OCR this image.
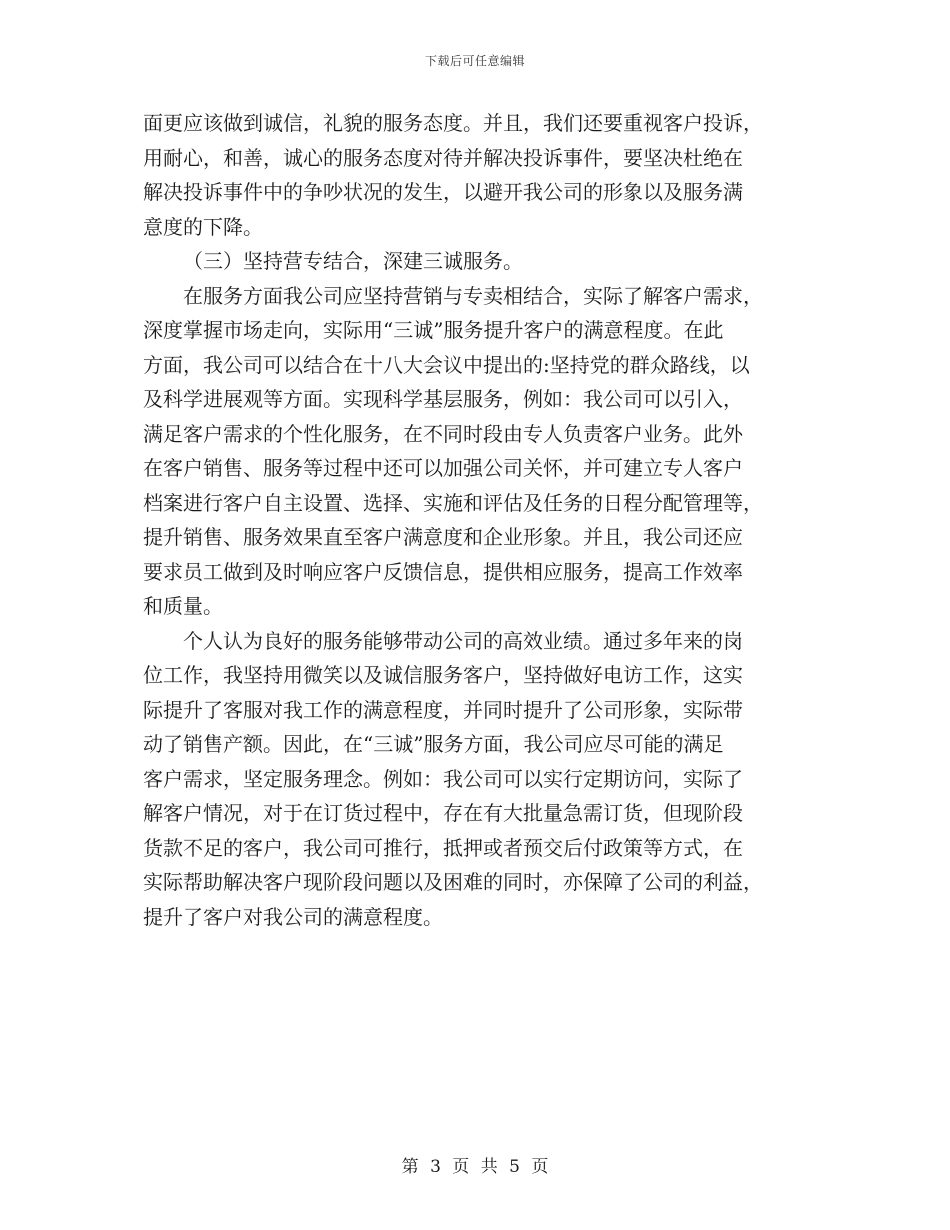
下载后可任意编辑
面更应该做到诚信，礼貌的服务态度。并且，我们还要重视客户投诉，
用耐心，和善，诚心的服务态度对待并解决投诉事件，要坚决杜绝在
解决投诉事件中的争吵状况的发生，以避开我公司的形象以及服务满
意度的下降。
（三）坚持营专结合，深建三诚服务。
在服务方面我公司应坚持营销与专卖相结合，实际了解客户需求，
深度掌握市场走向，实际用“三诚”服务提升客户的满意程度。在此
方面，我公司可以结合在十八大会议中提出的:坚持党的群众路线，以
及科学进展观等方面。实现科学基层服务，例如：我公司可以引入，
满足客户需求的个性化服务，在不同时段由专人负责客户业务。此外
在客户销售、服务等过程中还可以加强公司关怀，并可建立专人客户
档案进行客户自主设置、选择、实施和评估及任务的日程分配管理等，
提升销售、服务效果直至客户满意度和企业形象。并且，我公司还应
要求员工做到及时响应客户反馈信息，提供相应服务，提高工作效率
和质量。
个人认为良好的服务能够带动公司的高效业绩。通过多年来的岗
位工作，我坚持用微笑以及诚信服务客户，坚持做好电访工作，这实
际提升了客服对我工作的满意程度，并同时提升了公司形象，实际带
动了销售产额。因此，在“三诚”服务方面，我公司应尽可能的满足
客户需求，坚定服务理念。例如：我公司可以实行定期访问，实际了
解客户情况，对于在订货过程中，存在有大批量急需订货，但现阶段
货款不足的客户，我公司可推行，抵押或者预交后付政策等方式，在
实际帮助解决客户现阶段问题以及困难的同时，亦保障了公司的利益，
提升了客户对我公司的满意程度。
第 3 页 共 5 页
